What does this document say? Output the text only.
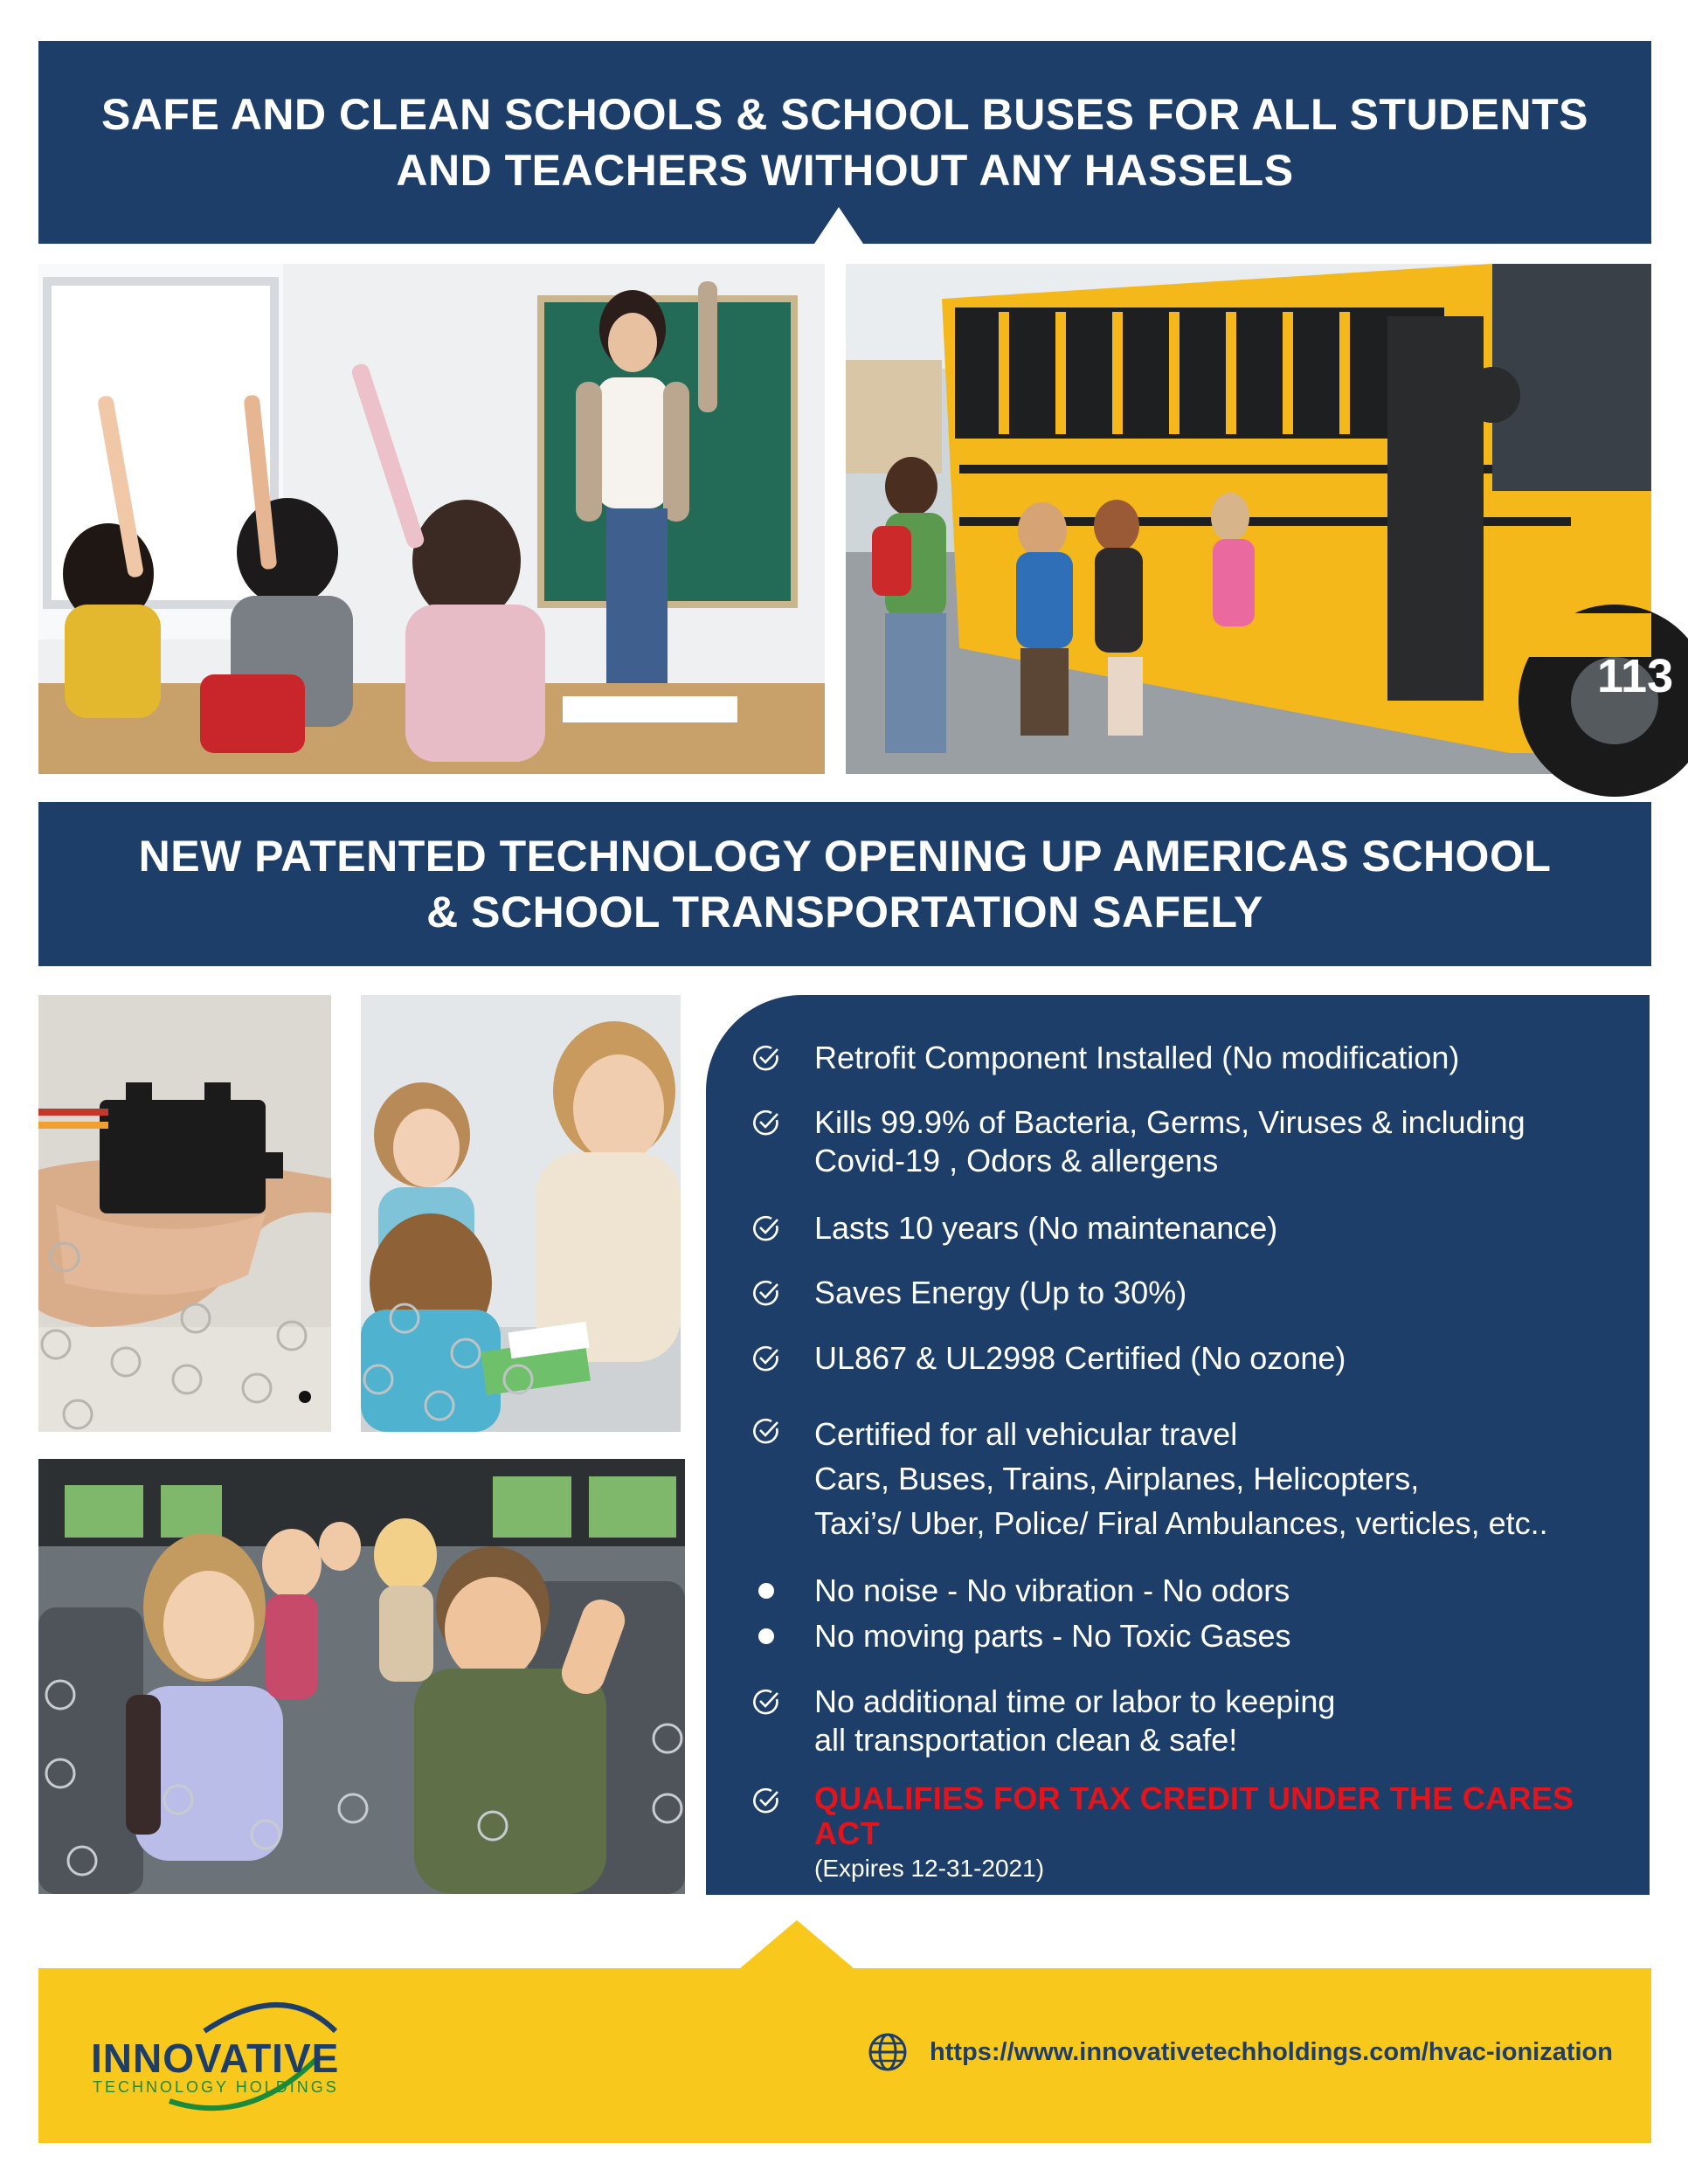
SAFE AND CLEAN SCHOOLS & SCHOOL BUSES FOR ALL STUDENTS
AND TEACHERS WITHOUT ANY HASSELS
113
NEW PATENTED TECHNOLOGY OPENING UP AMERICAS SCHOOL
& SCHOOL TRANSPORTATION SAFELY
Retrofit Component Installed (No modification)
Kills 99.9% of Bacteria, Germs, Viruses & including
Covid-19 , Odors & allergens
Lasts 10 years (No maintenance)
Saves Energy (Up to 30%)
UL867 & UL2998 Certified (No ozone)
Certified for all vehicular travel
Cars, Buses, Trains, Airplanes, Helicopters,
Taxi’s/ Uber, Police/ Firal Ambulances, verticles, etc..
No noise - No vibration - No odors
No moving parts - No Toxic Gases
No additional time or labor to keeping
all transportation clean & safe!
QUALIFIES FOR TAX CREDIT UNDER THE CARES ACT
(Expires 12-31-2021)
INNOVATIVE
TECHNOLOGY HOLDINGS
https://www.innovativetechholdings.com/hvac-ionization
